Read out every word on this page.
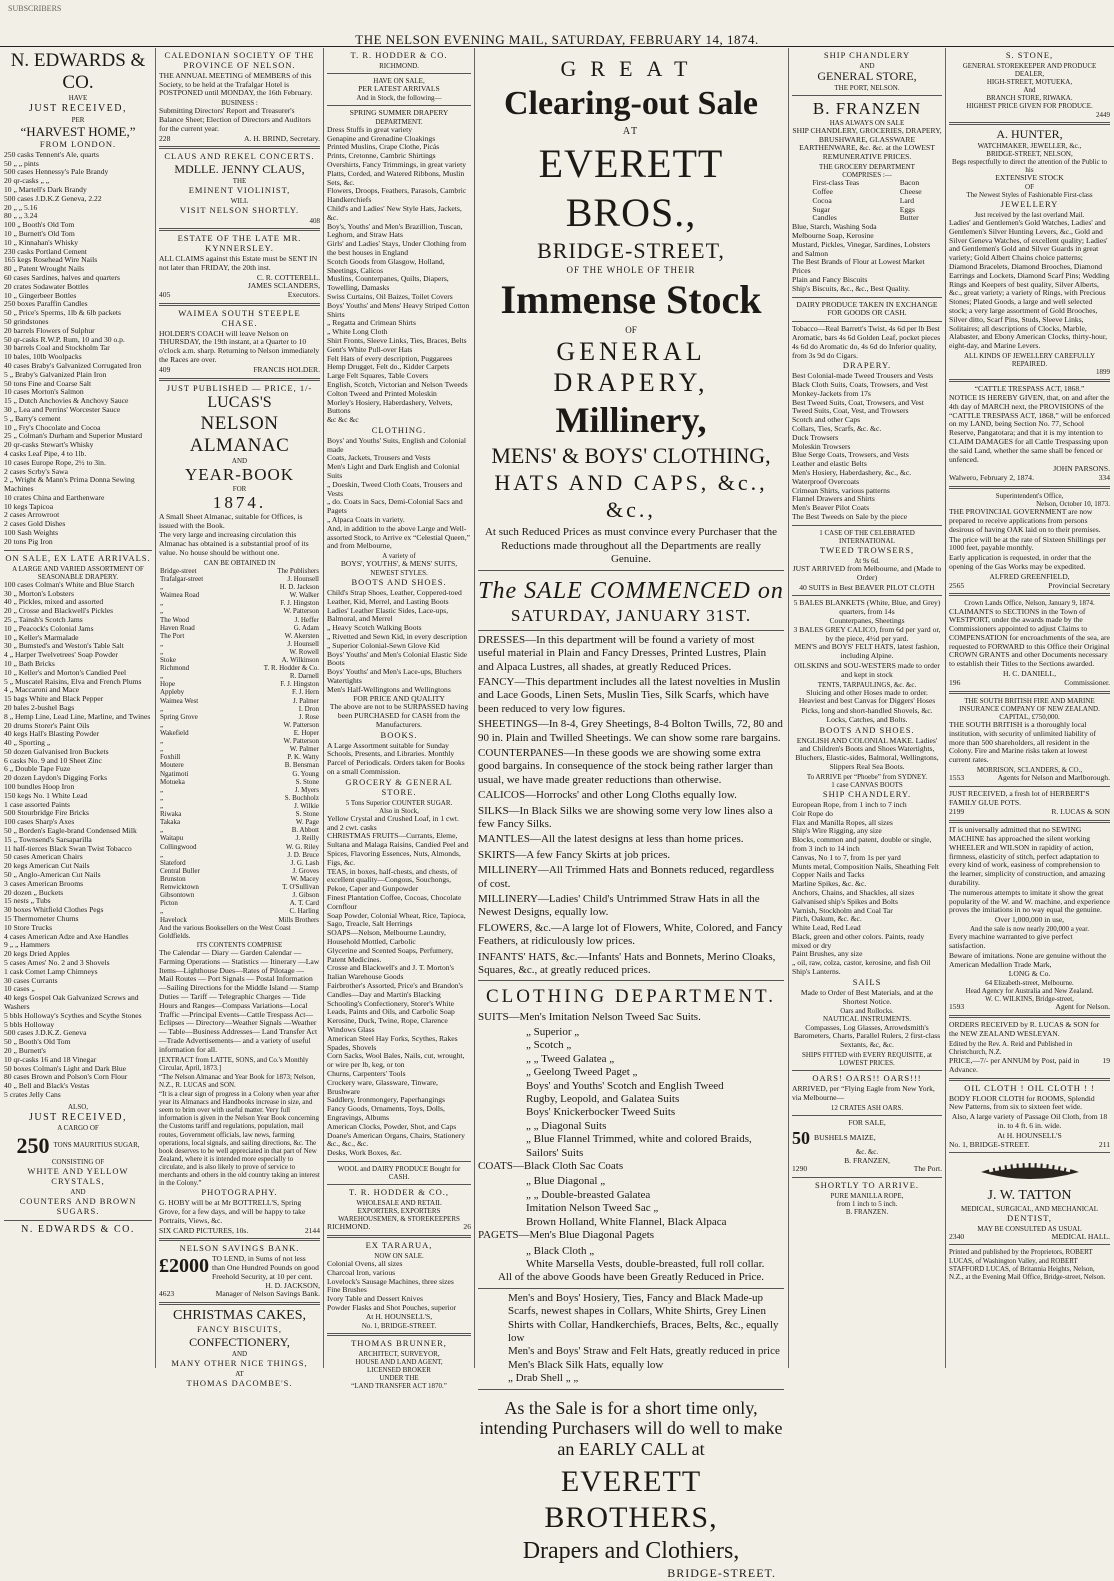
SUBSCRIBERS
THE NELSON EVENING MAIL, SATURDAY, FEBRUARY 14, 1874.
N. EDWARDS & CO.
HAVE
JUST RECEIVED,
PER
“HARVEST HOME,”
FROM LONDON.
250 casks Tennent's Ale, quarts
50 „ „ pints
500 cases Hennessy's Pale Brandy
20 qr-casks „ „
10 „ Martell's Dark Brandy
500 cases J.D.K.Z Geneva, 2.22
20 „ „ 5.16
80 „ „ 3.24
100 „ Booth's Old Tom
10 „ Burnett's Old Tom
10 „ Kinnahan's Whisky
230 casks Portland Cement
165 kegs Rosehead Wire Nails
80 „ Patent Wrought Nails
60 cases Sardines, halves and quarters
20 crates Sodawater Bottles
10 „ Gingerbeer Bottles
250 boxes Paraffin Candles
50 „ Price's Sperms, 1lb & 6lb packets
50 grindstones
20 barrels Flowers of Sulphur
50 qr-casks R.W.P. Rum, 10 and 30 o.p.
30 barrels Coal and Stockholm Tar
10 bales, 10lb Woolpacks
40 cases Braby's Galvanized Corrugated Iron
5 „ Braby's Galvanized Plain Iron
50 tons Fine and Coarse Salt
10 cases Morton's Salmon
15 „ Dutch Anchovies & Anchovy Sauce
30 „ Lea and Perrins' Worcester Sauce
5 „ Barry's cement
10 „ Fry's Chocolate and Cocoa
25 „ Colman's Durham and Superior Mustard
20 qr-casks Stewart's Whisky
4 casks Leaf Pipe, 4 to 1lb.
10 cases Europe Rope, 2½ to 3in.
2 cases Scrby's Sawa
2 „ Wright & Mann's Prima Donna Sewing Machines
10 crates China and Earthenware
10 kegs Tapicoa
2 cases Arrowroot
2 cases Gold Dishes
100 Sash Weights
20 tons Pig Iron
ON SALE, EX LATE ARRIVALS.
A LARGE AND VARIED ASSORTMENT OF SEASONABLE DRAPERY.
100 cases Colman's White and Blue Starch
30 „ Morton's Lobsters
40 „ Pickles, mixed and assorted
20 „ Crosse and Blackwell's Pickles
25 „ Tainsh's Scotch Jams
10 „ Peacock's Colonial Jams
10 „ Keller's Marmalade
30 „ Bumsted's and Weston's Table Salt
4 „ Harper Twelvetrees' Soap Powder
10 „ Bath Bricks
10 „ Keller's and Morton's Candied Peel
5 „ Muscatel Raisins, Elva and French Plums
4 „ Maccaroni and Mace
15 bags White and Black Pepper
20 bales 2-bushel Bags
8 „ Hemp Line, Lead Line, Marline, and Twines
20 drums Storer's Paint Oils
40 kegs Hall's Blasting Powder
40 „ Sporting „
50 dozen Galvanised Iron Buckets
6 casks No. 9 and 10 Sheet Zinc
6 „ Double Tape Fuze
20 dozen Laydon's Digging Forks
100 bundles Hoop Iron
150 kegs No. 1 White Lead
1 case assorted Paints
500 Stourbridge Fire Bricks
100 cases Sharp's Axes
50 „ Borden's Eagle-brand Condensed Milk
15 „ Townsend's Sarsaparilla
11 half-tierces Black Swan Twist Tobacco
50 cases American Chairs
20 kegs American Cut Nails
50 „ Anglo-American Cut Nails
3 cases American Brooms
20 dozen „ Buckets
15 nests „ Tubs
30 boxes Whitfield Clothes Pegs
15 Thermometer Churns
10 Store Trucks
4 cases American Adze and Axe Handles
9 „ „ Hammers
20 kegs Dried Apples
5 cases Ames' No. 2 and 3 Shovels
1 cask Comet Lamp Chimneys
30 cases Currants
10 cases „
40 kegs Gospel Oak Galvanized Screws and Washers
5 bbls Holloway's Scythes and Scythe Stones
5 bbls Holloway
500 cases J.D.K.Z. Geneva
50 „ Booth's Old Tom
20 „ Burnett's
10 qr-casks 16 and 18 Vinegar
50 boxes Colman's Light and Dark Blue
80 cases Brown and Polson's Corn Flour
40 „ Bell and Black's Vestas
5 crates Jelly Cans
ALSO,
JUST RECEIVED,
A CARGO OF
250 TONS MAURITIUS SUGAR,
CONSISTING OF
WHITE AND YELLOW CRYSTALS,
AND
COUNTERS AND BROWN SUGARS.
N. EDWARDS & CO.
CALEDONIAN SOCIETY OF THE PROVINCE OF NELSON.

THE ANNUAL MEETING of MEMBERS of this Society, to be held at the Trafalgar Hotel is POSTPONED until MONDAY, the 16th February.

BUSINESS :

Submitting Directors' Report and Treasurer's Balance Sheet; Election of Directors and Auditors for the current year.

228	A. H. BRIND, Secretary.
CLAUS AND REKEL CONCERTS.
MDLLE. JENNY CLAUS,
THE
EMINENT VIOLINIST,
WILL
VISIT NELSON SHORTLY.
408
ESTATE OF THE LATE MR. KYNNERSLEY.

ALL CLAIMS against this Estate must be SENT IN not later than FRIDAY, the 20th inst.

C. R. COTTERELL.
JAMES SCLANDERS,
405	Executors.
WAIMEA SOUTH STEEPLE CHASE.

HOLDER'S COACH will leave Nelson on THURSDAY, the 19th instant, at a Quarter to 10 o'clock a.m. sharp. Returning to Nelson immediately the Races are over.

409	FRANCIS HOLDER.
JUST PUBLISHED — PRICE, 1/-
LUCAS'S
NELSON ALMANAC
AND
YEAR-BOOK
FOR
1874.

A Small Sheet Almanac, suitable for Offices, is issued with the Book.

The very large and increasing circulation this Almanac has obtained is a substantial proof of its value. No house should be without one.

CAN BE OBTAINED IN
Bridge-street	The Publishers
Trafalgar-street	J. Hounsell
„	H. D. Jackson
Waimea Road	W. Walker
„	F. J. Hingston
„	W. Patterson
The Wood	J. Heffer
Haven Road	G. Adam
The Port	W. Akersten
„	J. Hounsell
„	W. Rowell
Stoke	A. Wilkinson
Richmond	T. R. Hodder & Co.
„	R. Darnell
Hope	F. J. Hingston
Appleby	F. J. Hern
Waimea West	J. Palmer
„	I. Dron
Spring Grove	J. Rose
„	W. Patterson
Wakefield	E. Hoper
„	W. Patterson
„	W. Palmer
Foxhill	P. K. Watty
Moutere	B. Bensman
Ngatimoti	G. Young
Motueka	S. Stone
„	J. Myers
„	S. Buchholz
„	J. Wilkie
Riwaka	S. Stone
Takaka	W. Page
„	B. Abbott
Waitapu	J. Reilly
Collingwood	W. G. Riley
„	J. D. Bruce
Slateford	J. G. Lash
Central Buller	J. Groves
Brunston	W. Macey
Renwicktown	T. O'Sullivan
Gibsontown	J. Gibson
Picton	A. T. Card
„	C. Harling
Havelock	Mills Brothers

And the various Booksellers on the West Coast Goldfields.

ITS CONTENTS COMPRISE

The Calendar — Diary — Garden Calendar —Farming Operations — Statistics — Itinerary —Law Items—Lighthouse Dues—Rates of Pilotage — Mail Routes — Port Signals — Postal Information—Sailing Directions for the Middle Island — Stamp Duties — Tariff — Telegraphic Charges — Tide Hours and Ranges—Compass Variations—Local Traffic —Principal Events—Cattle Trespass Act— Eclipses — Directory—Weather Signals —Weather — Table—Business Addresses— Land Transfer Act—Trade Advertisements— and a variety of useful information for all.

[EXTRACT from LATTE, SONS, and Co.'s Monthly Circular, April, 1873.]

“The Nelson Almanac and Year Book for 1873; Nelson, N.Z., R. LUCAS and SON.

“It is a clear sign of progress in a Colony when year after year its Almanacs and Handbooks increase in size, and seem to brim over with useful matter. Very full information is given in the Nelson Year Book concerning the Customs tariff and regulations, population, mail routes, Government officials, law news, farming operations, local signals, and sailing directions, &c. The book deserves to be well appreciated in that part of New Zealand, where it is intended more especially to circulate, and is also likely to prove of service to merchants and others in the old country taking an interest in the Colony.”

PHOTOGRAPHY.

G. HOBY will be at Mr BOTTRELL'S, Spring Grove, for a few days, and will be happy to take Portraits, Views, &c.

SIX CARD PICTURES, 10s.	2144
NELSON SAVINGS BANK.
£2000 TO LEND, in Sums of not less than One Hundred Pounds on good Freehold Security, at 10 per cent.
H. D. JACKSON,
4623	Manager of Nelson Savings Bank.
CHRISTMAS CAKES,
FANCY BISCUITS,
CONFECTIONERY,
AND
MANY OTHER NICE THINGS,
AT
THOMAS DACOMBE'S.
T. R. HODDER & CO.
RICHMOND.
HAVE ON SALE,
PER LATEST ARRIVALS
And in Stock, the following—
SPRING SUMMER DRAPERY
DEPARTMENT.
Dress Stuffs in great variety
Genapine and Grenadine Cloakings
Printed Muslins, Crape Clothe, Picás
Prints, Cretonne, Cambric Shirtings
Overshirts, Fancy Trimmings, in great variety
Platts, Corded, and Watered Ribbons, Muslin Sets, &c.
Flowers, Droops, Feathers, Parasols, Cambric Handkerchiefs
Child's and Ladies' New Style Hats, Jackets, &c.
Boy's, Youths' and Men's Brazillion, Tuscan, Leghorn, and Straw Hats
Girls' and Ladies' Stays, Under Clothing from the best houses in England
Scotch Goods from Glasgow, Holland, Sheetings, Calicos
Muslins, Counterpanes, Quilts, Diapers, Towelling, Damasks
Swiss Curtains, Oil Baizes, Toilet Covers
Boys' Youths' and Mens' Heavy Striped Cotton Shirts
„ Regatta and Crimean Shirts
„ White Long Cloth
Shirt Fronts, Sleeve Links, Ties, Braces, Belts
Gent's White Pull-over Hats
Felt Hats of every description, Puggarees
Hemp Drugget, Felt do., Kidder Carpets
Large Felt Squares, Table Covers
English, Scotch, Victorian and Nelson Tweeds
Colton Tweed and Printed Moleskin
Morley's Hosiery, Haberdashery, Velvets, Buttons
&c &c &c
CLOTHING.
Boys' and Youths' Suits, English and Colonial made
Coats, Jackets, Trousers and Vests
Men's Light and Dark English and Colonial Suits
„ Doeskin, Tweed Cloth Coats, Trousers and Vests
„ do. Coats in Sacs, Demi-Colonial Sacs and Pagets
„ Alpaca Coats in variety.

And, in addition to the above Large and Well-assorted Stock, to Arrive ex “Celestial Queen,” and from Melbourne,

A variety of
BOYS', YOUTHS', & MENS' SUITS,
NEWEST STYLES.
BOOTS AND SHOES.
Child's Strap Shoes, Leather, Coppered-toed Leather, Kid, Merrel, and Lasting Boots
Ladies' Leather Elastic Sides, Lace-ups, Balmoral, and Merrel
„ Heavy Scotch Walking Boots
„ Rivetted and Sewn Kid, in every description
„ Superior Colonial-Sewn Glove Kid
Boys' Youths' and Men's Colonial Elastic Side Boots
Boys' Youths' and Men's Lace-ups, Bluchers Watertights
Men's Half-Wellingtons and Wellingtons
FOR PRICE AND QUALITY

The above are not to be SURPASSED having been PURCHASED for CASH from the Manufacturers.

BOOKS.

A Large Assortment suitable for Sunday Schools, Presents, and Libraries. Monthly Parcel of Periodicals. Orders taken for Books on a small Commission.

GROCERY & GENERAL STORE.
5 Tons Superior COUNTER SUGAR.
Also in Stock,
Yellow Crystal and Crushed Loaf, in 1 cwt. and 2 cwt. casks
CHRISTMAS FRUITS—Currants, Eleme, Sultana and Malaga Raisins, Candied Peel and Spices, Flavoring Essences, Nuts, Almonds, Figs, &c.
TEAS, in boxes, half-chests, and chests, of excellent quality—Congous, Souchongs, Pekoe, Caper and Gunpowder
Finest Plantation Coffee, Cocoas, Chocolate Cornflour
Soap Powder, Colonial Wheat, Rice, Tapioca, Sago, Treacle, Salt Herrings
SOAPS—Nelson, Melbourne Laundry, Household Mottled, Carbolic
Glycerine and Scented Soaps, Perfumery, Patent Medicines.
Crosse and Blackwell's and J. T. Morton's Italian Warehouse Goods
Fairbrother's Assorted, Price's and Brandon's Candles—Day and Martin's Blacking
Schooling's Confectionery, Storer's White Leads, Paints and Oils, and Carbolic Soap
Kerosine, Duck, Twine, Rope, Clarence Windows Glass
American Steel Hay Forks, Scythes, Rakes Spades, Shovels
Corn Sacks, Wool Bales, Nails, cut, wrought, or wire per lb, keg, or ton
Churns, Carpenters' Tools
Crockery ware, Glassware, Tinware, Brushware
Saddlery, Ironmongery, Paperhangings
Fancy Goods, Ornaments, Toys, Dolls, Engravings, Albums
American Clocks, Powder, Shot, and Caps
Doane's American Organs, Chairs, Stationery &c., &c., &c.
Desks, Work Boxes, &c.
WOOL and DAIRY PRODUCE Bought for CASH.
T. R. HODDER & CO.,
WHOLESALE AND RETAIL
EXPORTERS, EXPORTERS WAREHOUSEMEN, & STOREKEEPERS
RICHMOND.	26
EX TARARUA,
NOW ON SALE.
Colonial Ovens, all sizes
Charcoal Iron, various
Lovelock's Sausage Machines, three sizes
Fine Brushes
Ivory Table and Dessert Knives
Powder Flasks and Shot Pouches, superior
At H. HOUNSELL'S,
No. 1, BRIDGE-STREET.
THOMAS BRUNNER,
ARCHITECT, SURVEYOR,
HOUSE AND LAND AGENT,
LICENSED BROKER
UNDER THE
“LAND TRANSFER ACT 1870.”
GREAT
Clearing-out Sale
AT
EVERETT BROS.,
BRIDGE-STREET,
OF THE WHOLE OF THEIR
Immense Stock
OF
GENERAL DRAPERY,
Millinery,
MENS' & BOYS' CLOTHING,
HATS AND CAPS, &c., &c.,
At such Reduced Prices as must convince every Purchaser that the Reductions made throughout all the Departments are really Genuine.
The SALE COMMENCED on
SATURDAY, JANUARY 31ST.

DRESSES—In this department will be found a variety of most useful material in Plain and Fancy Dresses, Printed Lustres, Plain and Alpaca Lustres, all shades, at greatly Reduced Prices.

FANCY—This department includes all the latest novelties in Muslin and Lace Goods, Linen Sets, Muslin Ties, Silk Scarfs, which have been reduced to very low figures.

SHEETINGS—In 8-4, Grey Sheetings, 8-4 Bolton Twills, 72, 80 and 90 in. Plain and Twilled Sheetings. We can show some rare bargains.

COUNTERPANES—In these goods we are showing some extra good bargains. In consequence of the stock being rather larger than usual, we have made greater reductions than otherwise.

CALICOS—Horrocks' and other Long Cloths equally low.

SILKS—In Black Silks we are showing some very low lines also a few Fancy Silks.

MANTLES—All the latest designs at less than home prices.

SKIRTS—A few Fancy Skirts at job prices.

MILLINERY—All Trimmed Hats and Bonnets reduced, regardless of cost.

MILLINERY—Ladies' Child's Untrimmed Straw Hats in all the Newest Designs, equally low.

FLOWERS, &c.—A large lot of Flowers, White, Colored, and Fancy Feathers, at ridiculously low prices.

INFANTS' HATS, &c.—Infants' Hats and Bonnets, Merino Cloaks, Squares, &c., at greatly reduced prices.

CLOTHING DEPARTMENT.

SUITS—Men's Imitation Nelson Tweed Sac Suits.

„ Superior „
„ Scotch „
„ „ Tweed Galatea „
„ Geelong Tweed Paget „
Boys' and Youths' Scotch and English Tweed
Rugby, Leopold, and Galatea Suits
Boys' Knickerbocker Tweed Suits
„ „ Diagonal Suits
„ Blue Flannel Trimmed, white and colored Braids, Sailors' Suits

COATS—Black Cloth Sac Coats

„ Blue Diagonal „
„ „ Double-breasted Galatea
Imitation Nelson Tweed Sac „
Brown Holland, White Flannel, Black Alpaca

PAGETS—Men's Blue Diagonal Pagets

„ Black Cloth „
White Marsella Vests, double-breasted, full roll collar.

All of the above Goods have been Greatly Reduced in Price.

Men's and Boys' Hosiery, Ties, Fancy and Black Made-up Scarfs, newest shapes in Collars, White Shirts, Grey Linen Shirts with Collar, Handkerchiefs, Braces, Belts, &c., equally low

Men's and Boys' Straw and Felt Hats, greatly reduced in price

Men's Black Silk Hats, equally low

„ Drab Shell „ „

As the Sale is for a short time only, intending Purchasers will do well to make an EARLY CALL at
EVERETT BROTHERS,
Drapers and Clothiers,
BRIDGE-STREET.
SHIP CHANDLERY
AND
GENERAL STORE,
THE PORT, NELSON.
B. FRANZEN
HAS ALWAYS ON SALE

SHIP CHANDLERY, GROCERIES, DRAPERY, BRUSHWARE, GLASSWARE EARTHENWARE, &c. &c. at the LOWEST REMUNERATIVE PRICES.

THE GROCERY DEPARTMENT
COMPRISES :—
First-class Teas
Coffee
Cocoa
Sugar
Candles
Bacon
Cheese
Lard
Eggs
Butter
Blue, Starch, Washing Soda
Melbourne Soap, Kerosine
Mustard, Pickles, Vinegar, Sardines, Lobsters and Salmon
The Best Brands of Flour at Lowest Market Prices
Plain and Fancy Biscuits
Ship's Biscuits, &c., &c., Best Quality.

DAIRY PRODUCE TAKEN IN EXCHANGE FOR GOODS OR CASH.

Tobacco—Real Barrett's Twist, 4s 6d per lb Best Aromatic, bars 4s 6d Golden Leaf, pocket pieces 4s 6d do Aromatic do, 4s 6d do Inferior quality, from 3s 9d do Cigars.

DRAPERY.
Best Colonial-made Tweed Trousers and Vests
Black Cloth Suits, Coats, Trowsers, and Vest
Monkey-Jackets from 17s
Best Tweed Suits, Coat, Trowsers, and Vest
Tweed Suits, Coat, Vest, and Trowsers
Scotch and other Caps
Collars, Ties, Scarfs, &c. &c.
Duck Trowsers
Moleskin Trowsers
Blue Serge Coats, Trowsers, and Vests
Leather and elastic Belts
Men's Hosiery, Haberdashery, &c., &c.
Waterproof Overcoats
Crimean Shirts, various patterns
Flannel Drawers and Shirts
Men's Beaver Pilot Coats
The Best Tweeds on Sale by the piece
1 CASE OF THE CELEBRATED
INTERNATIONAL
TWEED TROWSERS,
At 9s 6d.

JUST ARRIVED from Melbourne, and (Made to Order)

40 SUITS in Best BEAVER PILOT CLOTH

5 BALES BLANKETS (White, Blue, and Grey) quarters, from 14s
Counterpanes, Sheetings
3 BALES GREY CALICO, from 6d per yard or, by the piece, 4½d per yard.

MEN'S and BOYS' FELT HATS, latest fashion, including Alpine.

OILSKINS and SOU-WESTERS made to order and kept in stock

TENTS, TARPAULINGS, &c. &c.

Sluicing and other Hoses made to order. Heaviest and best Canvas for Diggers' Hoses

Picks, long and short-handled Shovels, &c. Locks, Catches, and Bolts.

BOOTS AND SHOES.

ENGLISH AND COLONIAL MAKE. Ladies' and Children's Boots and Shoes Watertights, Bluchers, Elastic-sides, Balmoral, Wellingtons, Slippers Real Sea Boots.

To ARRIVE per “Phoebe” from SYDNEY.
1 case CANVAS BOOTS
SHIP CHANDLERY.
European Rope, from 1 inch to 7 inch
Coir Rope do
Flax and Manilla Ropes, all sizes
Ship's Wire Rigging, any size
Blocks, common and patent, double or single, from 3 inch to 14 inch
Canvas, No 1 to 7, from 1s per yard
Munts metal, Composition Nails, Sheathing Felt
Copper Nails and Tacks
Marline Spikes, &c. &c.
Anchors, Chains, and Shackles, all sizes
Galvanised ship's Spikes and Bolts
Varnish, Stockholm and Coal Tar
Pitch, Oakum, &c. &c.
White Lead, Red Lead
Black, green and other colors. Paints, ready mixed or dry
Paint Brushes, any size
„ oil, raw, colza, castor, kerosine, and fish Oil
Ship's Lanterns.
SAILS

Made to Order of Best Materials, and at the Shortest Notice.

Oars and Rollocks.
NAUTICAL INSTRUMENTS.

Compasses, Log Glasses, Arrowdsmith's Barometers, Charts, Parallel Rulers, 2 first-class Sextants, &c, &c.

SHIPS FITTED with EVERY REQUISITE, at LOWEST PRICES.
OARS! OARS!! OARS!!!

ARRIVED, per “Flying Eagle from New York, via Melbourne—

12 CRATES ASH OARS.
FOR SALE,
50 BUSHELS MAIZE,
&c. &c.
B. FRANZEN,
1290	The Port.
SHORTLY TO ARRIVE.
PURE MANILLA ROPE,
from 1 inch to 5 inch.
B. FRANZEN.
S. STONE,
GENERAL STOREKEEPER AND PRODUCE DEALER,
HIGH-STREET, MOTUEKA,
And
BRANCH STORE, RIWAKA.
HIGHEST PRICE GIVEN FOR PRODUCE.
2449
A. HUNTER,
WATCHMAKER, JEWELLER, &c.,
BRIDGE-STREET, NELSON,
Begs respectfully to direct the attention of the Public to his
EXTENSIVE STOCK
OF
The Newest Styles of Fashionable First-class
JEWELLERY
Just received by the last overland Mail.

Ladies' and Gentlemen's Gold Watches, Ladies' and Gentlemen's Silver Hunting Levers, &c., Gold and Silver Geneva Watches, of excellent quality; Ladies' and Gentlemen's Gold and Silver Guards in great variety; Gold Albert Chains choice patterns; Diamond Bracelets, Diamond Brooches, Diamond Earrings and Lockets, Diamond Scarf Pins; Wedding Rings and Keepers of best quality, Silver Alberts, &c., great variety; a variety of Rings, with Precious Stones; Plated Goods, a large and well selected stock; a very large assortment of Gold Brooches, Silver ditto, Scarf Pins, Studs, Sleeve Links, Solitaires; all descriptions of Clocks, Marble, Alabaster, and Ebony American Clocks, thirty-hour, eight-day, and Marine Levers.

ALL KINDS OF JEWELLERY CAREFULLY REPAIRED.
1899
“CATTLE TRESPASS ACT, 1868.”

NOTICE IS HEREBY GIVEN, that, on and after the 4th day of MARCH next, the PROVISIONS of the “CATTLE TRESPASS ACT, 1868,” will be enforced on my LAND, being Section No. 77, School Reserve, Pangatotara; and that it is my intention to CLAIM DAMAGES for all Cattle Trespassing upon the said Land, whether the same shall be fenced or unfenced.

JOHN PARSONS.
Walwero, February 2, 1874.	334
Superintendent's Office,
Nelson, October 10, 1873.

THE PROVINCIAL GOVERNMENT are now prepared to receive applications from persons desirous of having OAK laid on to their premises.

The price will be at the rate of Sixteen Shillings per 1000 feet, payable monthly.

Early application is requested, in order that the opening of the Gas Works may be expedited.

ALFRED GREENFIELD,
2565	Provincial Secretary
Crown Lands Office, Nelson, January 9, 1874.

CLAIMANTS to SECTIONS in the Town of WESTPORT, under the awards made by the Commissioners appointed to adjust Claims to COMPENSATION for encroachments of the sea, are requested to FORWARD to this Office their Original CROWN GRANTS and other Documents necessary to establish their Titles to the Sections awarded.

H. C. DANIELL,
196	Commissioner.
THE SOUTH BRITISH FIRE AND MARINE INSURANCE COMPANY OF NEW ZEALAND.
CAPITAL, £750,000.

THE SOUTH BRITISH is a thoroughly local institution, with security of unlimited liability of more than 500 shareholders, all resident in the Colony. Fire and Marine risks taken at lowest current rates.

MORRISON, SCLANDERS, & CO.,
1553	Agents for Nelson and Marlborough.

JUST RECEIVED, a fresh lot of HERBERT'S FAMILY GLUE POTS.

2199	R. LUCAS & SON

IT is universally admitted that no SEWING MACHINE has approached the silent working WHEELER and WILSON in rapidity of action, firmness, elasticity of stitch, perfect adaptation to every kind of work, easiness of comprehension to the learner, simplicity of construction, and amazing durability.

The numerous attempts to imitate it show the great popularity of the W. and W. machine, and experience proves the imitations in no way equal the genuine.

Over 1,000,000 in use,
And the sale is now nearly 200,000 a year.

Every machine warranted to give perfect satisfaction.

Beware of imitations. None are genuine without the American Medallion Trade Mark,

LONG & Co.
64 Elizabeth-street, Melbourne.
Head Agency for Australia and New Zealand.
W. C. WILKINS, Bridge-street,
1593	Agent for Nelson.

ORDERS RECEIVED by R. LUCAS & SON for the NEW ZEALAND WESLEYAN.

Edited by the Rev. A. Reid and Published in Christchurch, N.Z.

PRICE,—7/- per ANNUM by Post, paid in Advance.
19
OIL CLOTH ! OIL CLOTH ! !

BODY FLOOR CLOTH for ROOMS, Splendid New Patterns, from six to sixteen feet wide.

Also, A large variety of Passage Oil Cloth, from 18 in. to 4 ft. 6 in. wide.

At H. HOUNSELL'S
No. 1, BRIDGE-STREET.	211
J. W. TATTON
MEDICAL, SURGICAL, AND MECHANICAL
DENTIST,
MAY BE CONSULTED AS USUAL
2340	MEDICAL HALL.

Printed and published by the Proprietors, ROBERT LUCAS, of Washington Valley, and ROBERT STAFFORD LUCAS, of Britannia Heights, Nelson, N.Z., at the Evening Mail Office, Bridge-street, Nelson.
